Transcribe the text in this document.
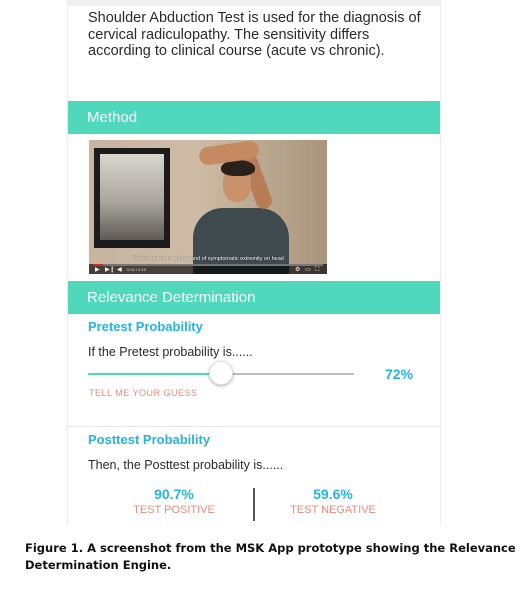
Shoulder Abduction Test is used for the diagnosis of cervical radiculopathy. The sensitivity differs according to clinical course (acute vs chronic).
Method
Patient asked to place hand of symptomatic extremity on head
▶ ▶❙ ◀ 0:00 / 0:15	⚙ ▭ ⛶
Relevance Determination
Pretest Probability
If the Pretest probability is......
72%
TELL ME YOUR GUESS
Posttest Probability
Then, the Posttest probability is......
90.7%
TEST POSITIVE
59.6%
TEST NEGATIVE
Figure 1. A screenshot from the MSK App prototype showing the Relevance Determination Engine.
